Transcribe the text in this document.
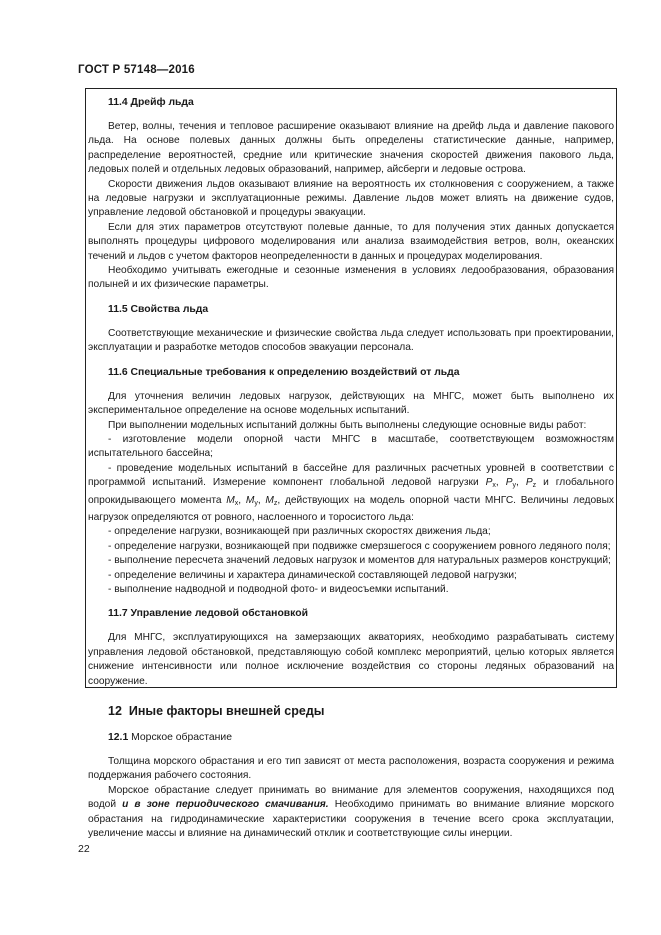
ГОСТ Р 57148—2016
11.4 Дрейф льда

Ветер, волны, течения и тепловое расширение оказывают влияние на дрейф льда и давление пакового льда. На основе полевых данных должны быть определены статистические данные, например, распределение вероятностей, средние или критические значения скоростей движения пакового льда, ледовых полей и отдельных ледовых образований, например, айсберги и ледовые острова.

Скорости движения льдов оказывают влияние на вероятность их столкновения с сооружением, а также на ледовые нагрузки и эксплуатационные режимы. Давление льдов может влиять на движение судов, управление ледовой обстановкой и процедуры эвакуации.

Если для этих параметров отсутствуют полевые данные, то для получения этих данных допускается выполнять процедуры цифрового моделирования или анализа взаимодействия ветров, волн, океанских течений и льдов с учетом факторов неопределенности в данных и процедурах моделирования.

Необходимо учитывать ежегодные и сезонные изменения в условиях ледообразования, образования полыней и их физические параметры.

11.5 Свойства льда

Соответствующие механические и физические свойства льда следует использовать при проектировании, эксплуатации и разработке методов способов эвакуации персонала.

11.6 Специальные требования к определению воздействий от льда

Для уточнения величин ледовых нагрузок, действующих на МНГС, может быть выполнено их экспериментальное определение на основе модельных испытаний.

При выполнении модельных испытаний должны быть выполнены следующие основные виды работ:

- изготовление модели опорной части МНГС в масштабе, соответствующем возможностям испытательного бассейна;

- проведение модельных испытаний в бассейне для различных расчетных уровней в соответствии с программой испытаний. Измерение компонент глобальной ледовой нагрузки $P_x$, $P_y$, $P_z$ и глобального опрокидывающего момента $M_x$, $M_y$, $M_z$, действующих на модель опорной части МНГС. Величины ледовых нагрузок определяются от ровного, наслоенного и торосистого льда:

- определение нагрузки, возникающей при различных скоростях движения льда;

- определение нагрузки, возникающей при подвижке смерзшегося с сооружением ровного ледяного поля;

- выполнение пересчета значений ледовых нагрузок и моментов для натуральных размеров конструкций;

- определение величины и характера динамической составляющей ледовой нагрузки;

- выполнение надводной и подводной фото- и видеосъемки испытаний.

11.7 Управление ледовой обстановкой

Для МНГС, эксплуатирующихся на замерзающих акваториях, необходимо разрабатывать систему управления ледовой обстановкой, представляющую собой комплекс мероприятий, целью которых является снижение интенсивности или полное исключение воздействия со стороны ледяных образований на сооружение.

12 Иные факторы внешней среды
12.1 Морское обрастание

Толщина морского обрастания и его тип зависят от места расположения, возраста сооружения и режима поддержания рабочего состояния.

Морское обрастание следует принимать во внимание для элементов сооружения, находящихся под водой и в зоне периодического смачивания. Необходимо принимать во внимание влияние морского обрастания на гидродинамические характеристики сооружения в течение всего срока эксплуатации, увеличение массы и влияние на динамический отклик и соответствующие силы инерции.

22
